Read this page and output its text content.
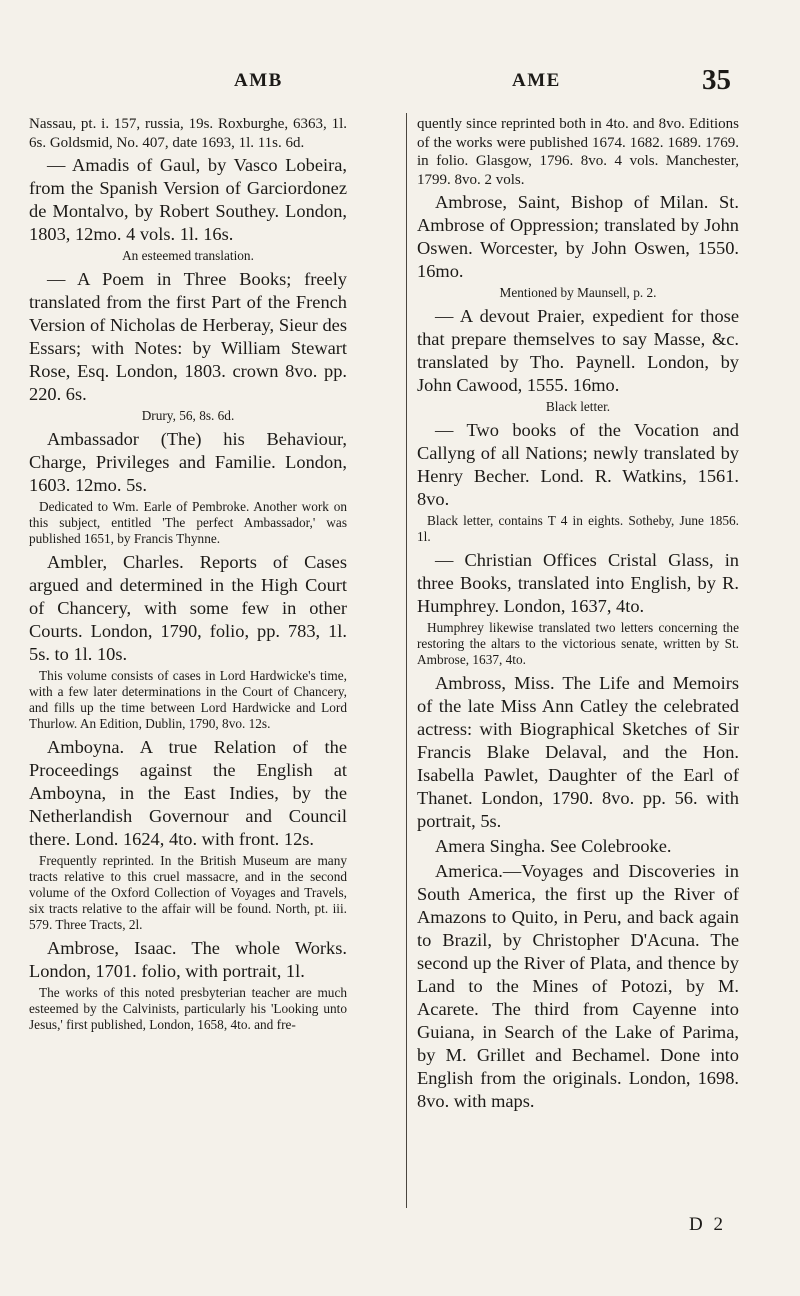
AMB	AME	35

Nassau, pt. i. 157, russia, 19s. Roxburghe, 6363, 1l. 6s. Goldsmid, No. 407, date 1693, 1l. 11s. 6d.

— Amadis of Gaul, by Vasco Lobeira, from the Spanish Version of Garciordonez de Montalvo, by Robert Southey. London, 1803, 12mo. 4 vols. 1l. 16s.

An esteemed translation.

— A Poem in Three Books; freely translated from the first Part of the French Version of Nicholas de Herberay, Sieur des Essars; with Notes: by William Stewart Rose, Esq. London, 1803. crown 8vo. pp. 220. 6s.

Drury, 56, 8s. 6d.

Ambassador (The) his Behaviour, Charge, Privileges and Familie. London, 1603. 12mo. 5s.

Dedicated to Wm. Earle of Pembroke. Another work on this subject, entitled 'The perfect Ambassador,' was published 1651, by Francis Thynne.

Ambler, Charles. Reports of Cases argued and determined in the High Court of Chancery, with some few in other Courts. London, 1790, folio, pp. 783, 1l. 5s. to 1l. 10s.

This volume consists of cases in Lord Hardwicke's time, with a few later determinations in the Court of Chancery, and fills up the time between Lord Hardwicke and Lord Thurlow. An Edition, Dublin, 1790, 8vo. 12s.

Amboyna. A true Relation of the Proceedings against the English at Amboyna, in the East Indies, by the Netherlandish Governour and Council there. Lond. 1624, 4to. with front. 12s.

Frequently reprinted. In the British Museum are many tracts relative to this cruel massacre, and in the second volume of the Oxford Collection of Voyages and Travels, six tracts relative to the affair will be found. North, pt. iii. 579. Three Tracts, 2l.

Ambrose, Isaac. The whole Works. London, 1701. folio, with portrait, 1l.

The works of this noted presbyterian teacher are much esteemed by the Calvinists, particularly his 'Looking unto Jesus,' first published, London, 1658, 4to. and fre-

quently since reprinted both in 4to. and 8vo. Editions of the works were published 1674. 1682. 1689. 1769. in folio. Glasgow, 1796. 8vo. 4 vols. Manchester, 1799. 8vo. 2 vols.

Ambrose, Saint, Bishop of Milan. St. Ambrose of Oppression; translated by John Oswen. Worcester, by John Oswen, 1550. 16mo.

Mentioned by Maunsell, p. 2.

— A devout Praier, expedient for those that prepare themselves to say Masse, &c. translated by Tho. Paynell. London, by John Cawood, 1555. 16mo.

Black letter.

— Two books of the Vocation and Callyng of all Nations; newly translated by Henry Becher. Lond. R. Watkins, 1561. 8vo.

Black letter, contains T 4 in eights. Sotheby, June 1856. 1l.

— Christian Offices Cristal Glass, in three Books, translated into English, by R. Humphrey. London, 1637, 4to.

Humphrey likewise translated two letters concerning the restoring the altars to the victorious senate, written by St. Ambrose, 1637, 4to.

Ambross, Miss. The Life and Memoirs of the late Miss Ann Catley the celebrated actress: with Biographical Sketches of Sir Francis Blake Delaval, and the Hon. Isabella Pawlet, Daughter of the Earl of Thanet. London, 1790. 8vo. pp. 56. with portrait, 5s.

Amera Singha. See Colebrooke.

America.—Voyages and Discoveries in South America, the first up the River of Amazons to Quito, in Peru, and back again to Brazil, by Christopher D'Acuna. The second up the River of Plata, and thence by Land to the Mines of Potozi, by M. Acarete. The third from Cayenne into Guiana, in Search of the Lake of Parima, by M. Grillet and Bechamel. Done into English from the originals. London, 1698. 8vo. with maps.

D 2
